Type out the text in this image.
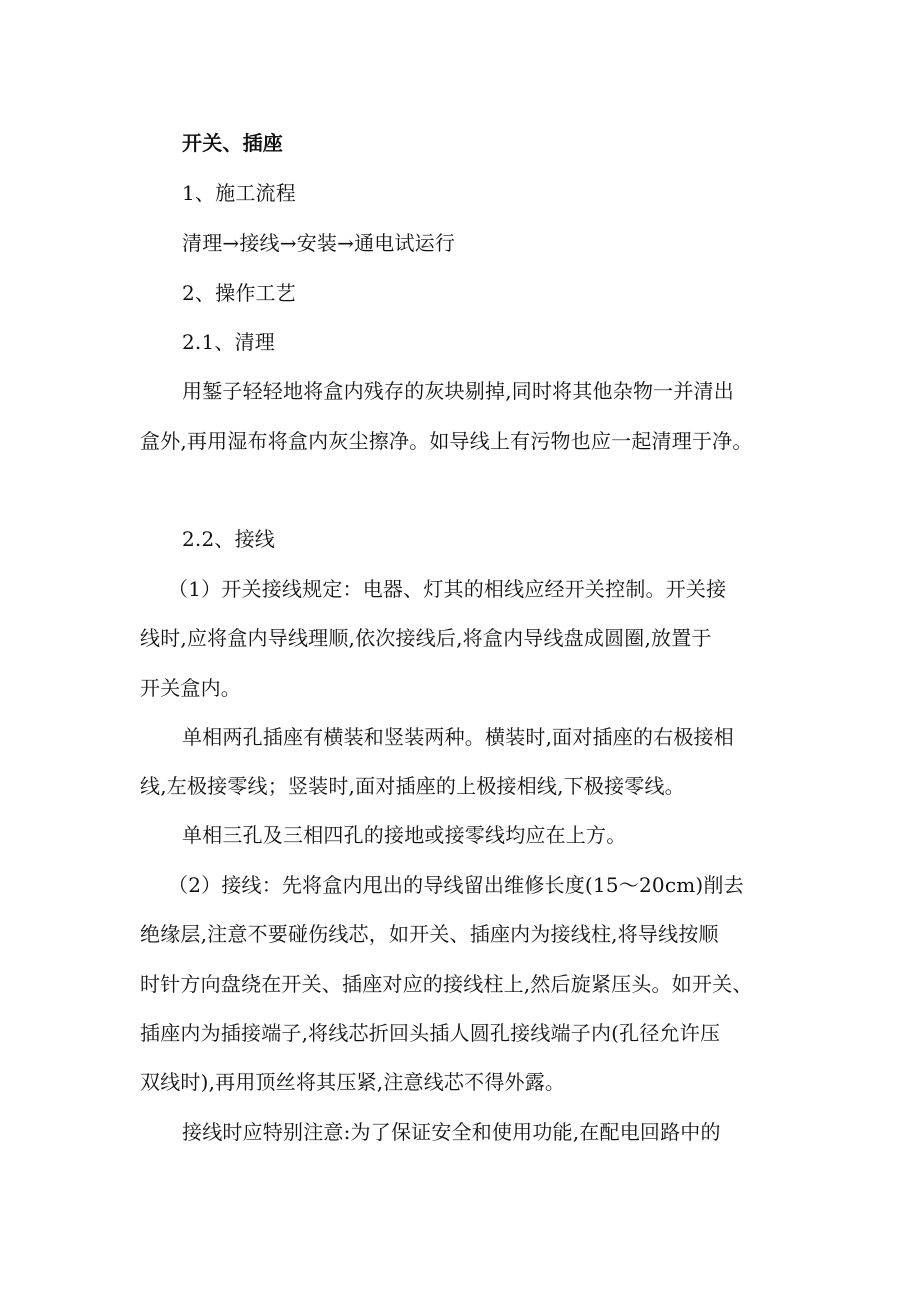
开关、插座
1、施工流程
清理→接线→安装→通电试运行
2、操作工艺
2.1、清理
用錾子轻轻地将盒内残存的灰块剔掉,同时将其他杂物一并清出
盒外,再用湿布将盒内灰尘擦净。如导线上有污物也应一起清理于净。
2.2、接线
（1）开关接线规定：电器、灯其的相线应经开关控制。开关接
线时,应将盒内导线理顺,依次接线后,将盒内导线盘成圆圈,放置于
开关盒内。
单相两孔插座有横装和竖装两种。横装时,面对插座的右极接相
线,左极接零线；竖装时,面对插座的上极接相线,下极接零线。
单相三孔及三相四孔的接地或接零线均应在上方。
（2）接线：先将盒内甩出的导线留出维修长度(15～20cm)削去
绝缘层,注意不要碰伤线芯，如开关、插座内为接线柱,将导线按顺
时针方向盘绕在开关、插座对应的接线柱上,然后旋紧压头。如开关、
插座内为插接端子,将线芯折回头插人圆孔接线端子内(孔径允许压
双线时),再用顶丝将其压紧,注意线芯不得外露。
接线时应特别注意:为了保证安全和使用功能,在配电回路中的
